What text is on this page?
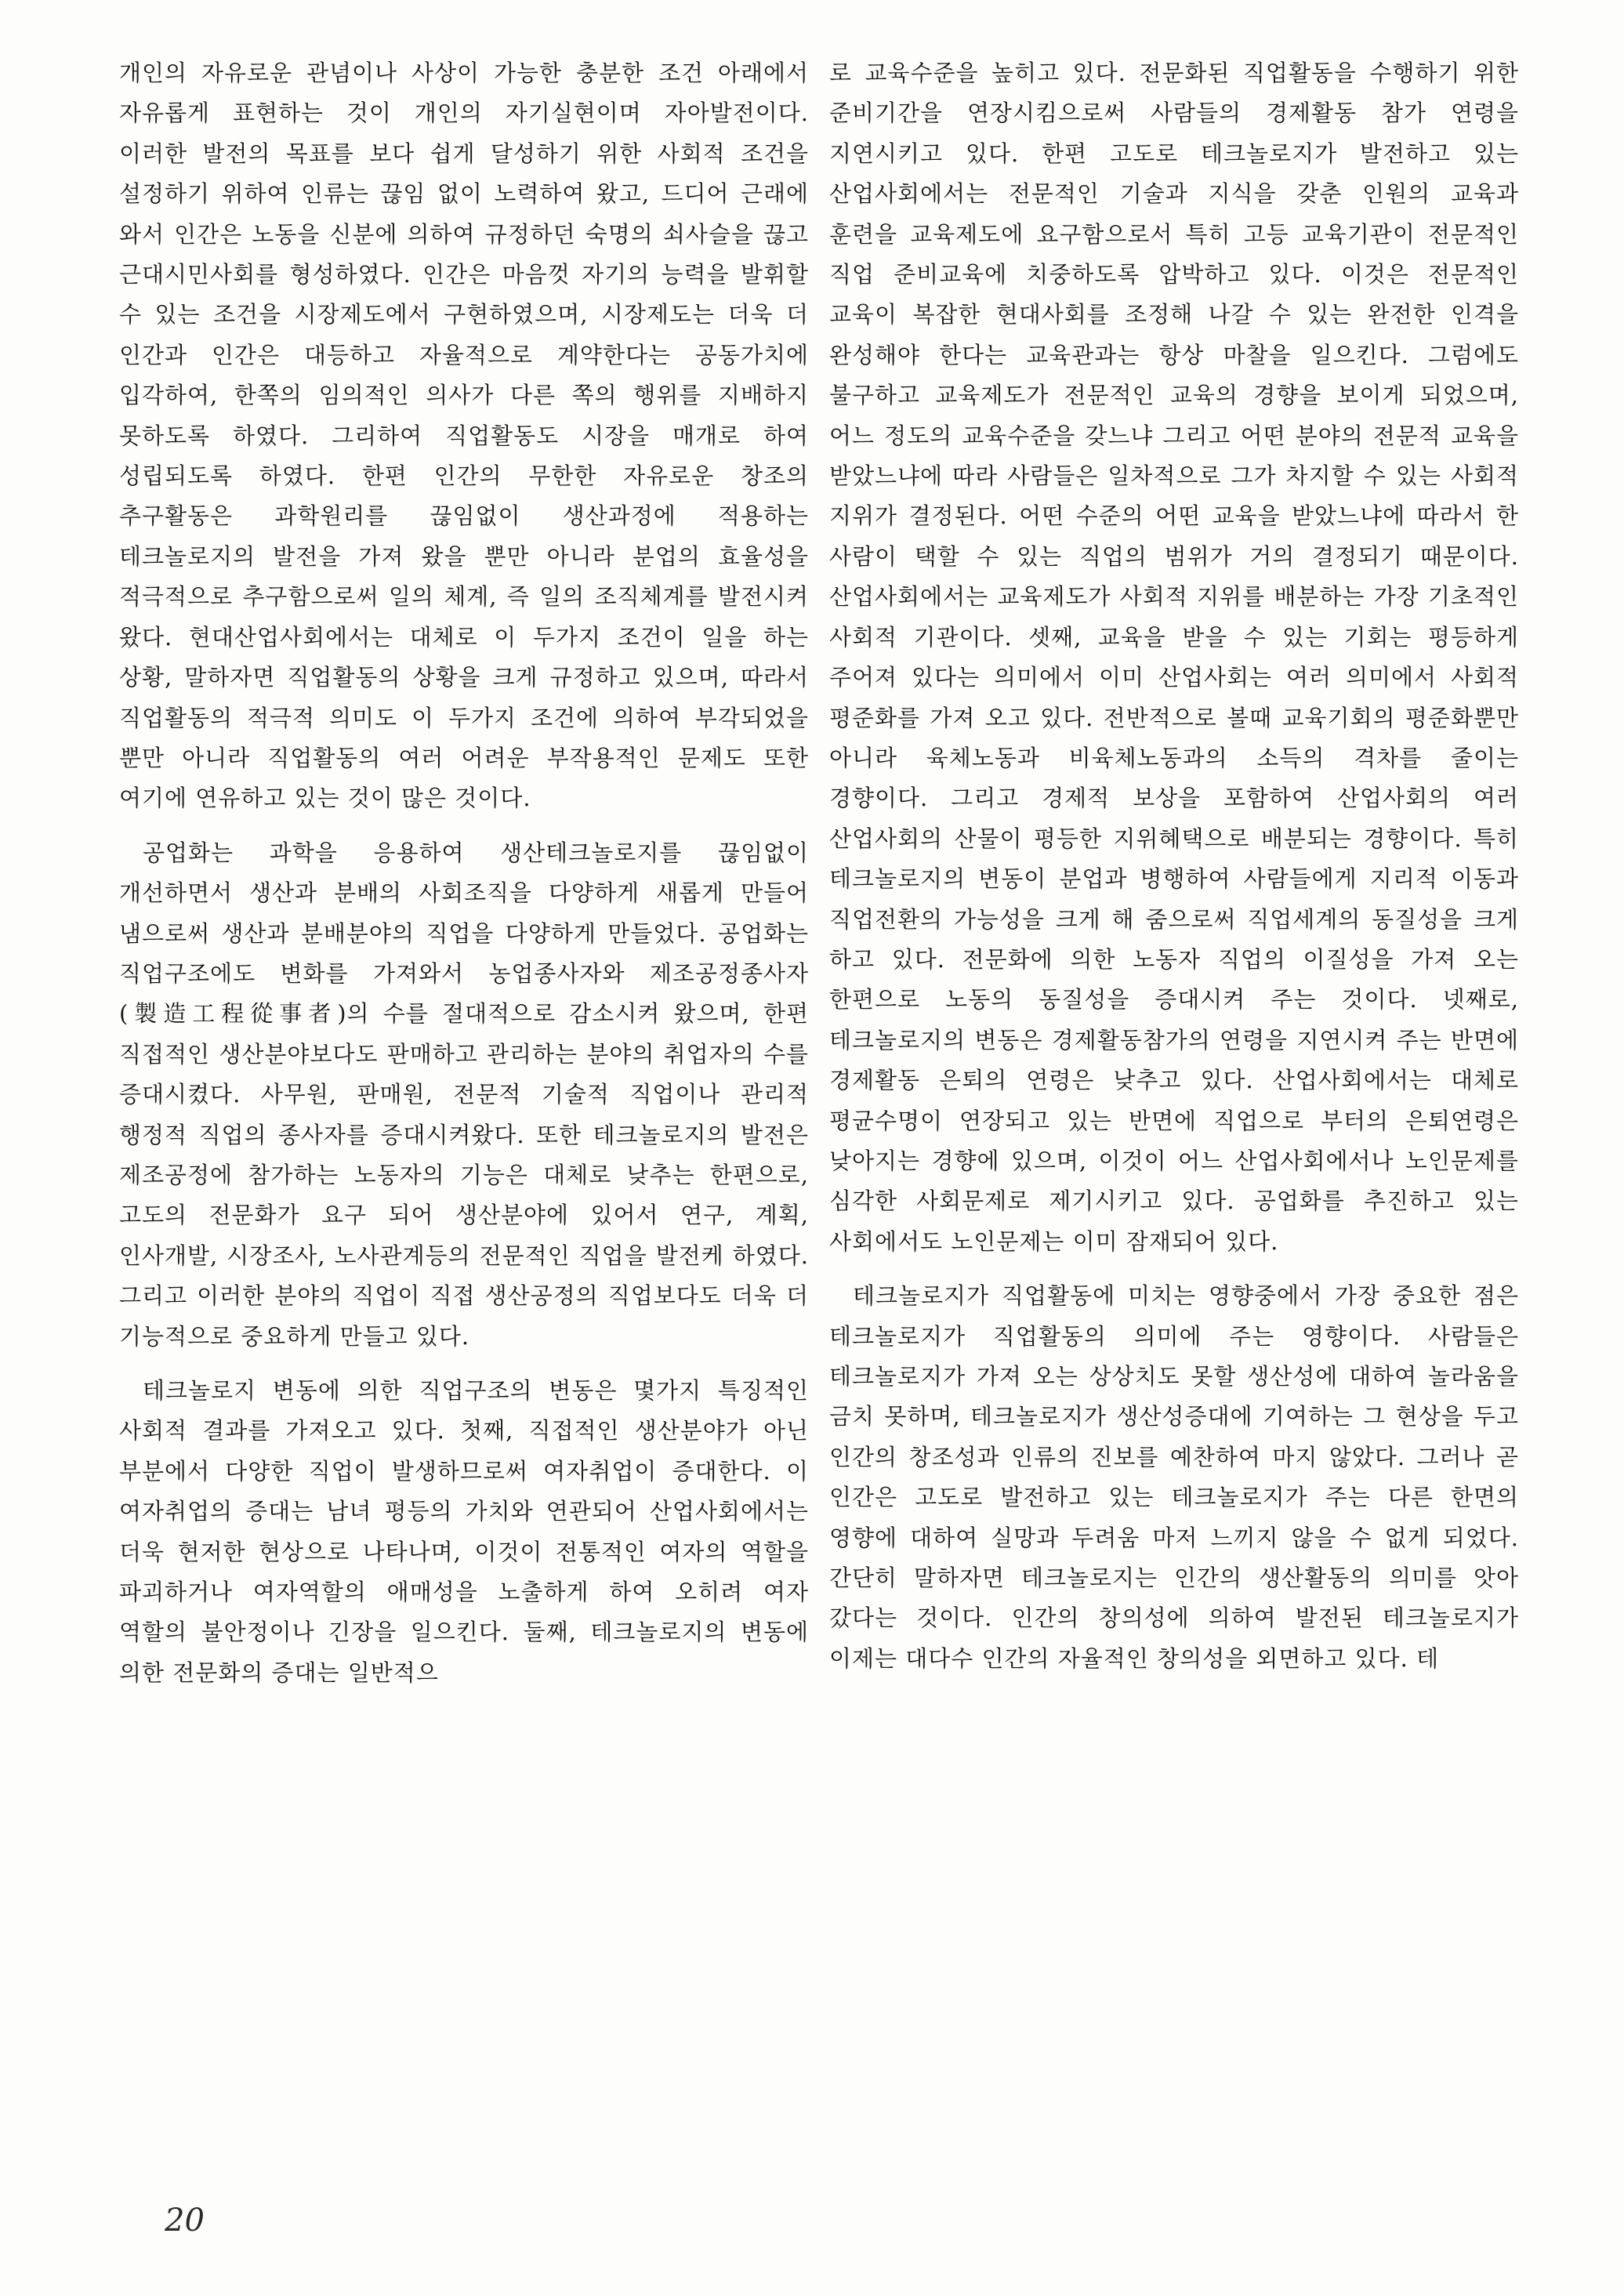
개인의 자유로운 관념이나 사상이 가능한 충분한 조건 아래에서 자유롭게 표현하는 것이 개인의 자기실현이며 자아발전이다. 이러한 발전의 목표를 보다 쉽게 달성하기 위한 사회적 조건을 설정하기 위하여 인류는 끊임 없이 노력하여 왔고, 드디어 근래에 와서 인간은 노동을 신분에 의하여 규정하던 숙명의 쇠사슬을 끊고 근대시민사회를 형성하였다. 인간은 마음껏 자기의 능력을 발휘할 수 있는 조건을 시장제도에서 구현하였으며, 시장제도는 더욱 더 인간과 인간은 대등하고 자율적으로 계약한다는 공동가치에 입각하여, 한쪽의 임의적인 의사가 다른 쪽의 행위를 지배하지 못하도록 하였다. 그리하여 직업활동도 시장을 매개로 하여 성립되도록 하였다. 한편 인간의 무한한 자유로운 창조의 추구활동은 과학원리를 끊임없이 생산과정에 적용하는 테크놀로지의 발전을 가져 왔을 뿐만 아니라 분업의 효율성을 적극적으로 추구함으로써 일의 체계, 즉 일의 조직체계를 발전시켜 왔다. 현대산업사회에서는 대체로 이 두가지 조건이 일을 하는 상황, 말하자면 직업활동의 상황을 크게 규정하고 있으며, 따라서 직업활동의 적극적 의미도 이 두가지 조건에 의하여 부각되었을 뿐만 아니라 직업활동의 여러 어려운 부작용적인 문제도 또한 여기에 연유하고 있는 것이 많은 것이다.

공업화는 과학을 응용하여 생산테크놀로지를 끊임없이 개선하면서 생산과 분배의 사회조직을 다양하게 새롭게 만들어 냄으로써 생산과 분배분야의 직업을 다양하게 만들었다. 공업화는 직업구조에도 변화를 가져와서 농업종사자와 제조공정종사자(製造工程從事者)의 수를 절대적으로 감소시켜 왔으며, 한편 직접적인 생산분야보다도 판매하고 관리하는 분야의 취업자의 수를 증대시켰다. 사무원, 판매원, 전문적 기술적 직업이나 관리적 행정적 직업의 종사자를 증대시켜왔다. 또한 테크놀로지의 발전은 제조공정에 참가하는 노동자의 기능은 대체로 낮추는 한편으로, 고도의 전문화가 요구 되어 생산분야에 있어서 연구, 계획, 인사개발, 시장조사, 노사관계등의 전문적인 직업을 발전케 하였다. 그리고 이러한 분야의 직업이 직접 생산공정의 직업보다도 더욱 더 기능적으로 중요하게 만들고 있다.

테크놀로지 변동에 의한 직업구조의 변동은 몇가지 특징적인 사회적 결과를 가져오고 있다. 첫째, 직접적인 생산분야가 아닌 부분에서 다양한 직업이 발생하므로써 여자취업이 증대한다. 이 여자취업의 증대는 남녀 평등의 가치와 연관되어 산업사회에서는 더욱 현저한 현상으로 나타나며, 이것이 전통적인 여자의 역할을 파괴하거나 여자역할의 애매성을 노출하게 하여 오히려 여자 역할의 불안정이나 긴장을 일으킨다. 둘째, 테크놀로지의 변동에 의한 전문화의 증대는 일반적으

로 교육수준을 높히고 있다. 전문화된 직업활동을 수행하기 위한 준비기간을 연장시킴으로써 사람들의 경제활동 참가 연령을 지연시키고 있다. 한편 고도로 테크놀로지가 발전하고 있는 산업사회에서는 전문적인 기술과 지식을 갖춘 인원의 교육과 훈련을 교육제도에 요구함으로서 특히 고등 교육기관이 전문적인 직업 준비교육에 치중하도록 압박하고 있다. 이것은 전문적인 교육이 복잡한 현대사회를 조정해 나갈 수 있는 완전한 인격을 완성해야 한다는 교육관과는 항상 마찰을 일으킨다. 그럼에도 불구하고 교육제도가 전문적인 교육의 경향을 보이게 되었으며, 어느 정도의 교육수준을 갖느냐 그리고 어떤 분야의 전문적 교육을 받았느냐에 따라 사람들은 일차적으로 그가 차지할 수 있는 사회적 지위가 결정된다. 어떤 수준의 어떤 교육을 받았느냐에 따라서 한 사람이 택할 수 있는 직업의 범위가 거의 결정되기 때문이다. 산업사회에서는 교육제도가 사회적 지위를 배분하는 가장 기초적인 사회적 기관이다. 셋째, 교육을 받을 수 있는 기회는 평등하게 주어져 있다는 의미에서 이미 산업사회는 여러 의미에서 사회적 평준화를 가져 오고 있다. 전반적으로 볼때 교육기회의 평준화뿐만 아니라 육체노동과 비육체노동과의 소득의 격차를 줄이는 경향이다. 그리고 경제적 보상을 포함하여 산업사회의 여러 산업사회의 산물이 평등한 지위혜택으로 배분되는 경향이다. 특히 테크놀로지의 변동이 분업과 병행하여 사람들에게 지리적 이동과 직업전환의 가능성을 크게 해 줌으로써 직업세계의 동질성을 크게 하고 있다. 전문화에 의한 노동자 직업의 이질성을 가져 오는 한편으로 노동의 동질성을 증대시켜 주는 것이다. 넷째로, 테크놀로지의 변동은 경제활동참가의 연령을 지연시켜 주는 반면에 경제활동 은퇴의 연령은 낮추고 있다. 산업사회에서는 대체로 평균수명이 연장되고 있는 반면에 직업으로 부터의 은퇴연령은 낮아지는 경향에 있으며, 이것이 어느 산업사회에서나 노인문제를 심각한 사회문제로 제기시키고 있다. 공업화를 추진하고 있는 사회에서도 노인문제는 이미 잠재되어 있다.

테크놀로지가 직업활동에 미치는 영향중에서 가장 중요한 점은 테크놀로지가 직업활동의 의미에 주는 영향이다. 사람들은 테크놀로지가 가져 오는 상상치도 못할 생산성에 대하여 놀라움을 금치 못하며, 테크놀로지가 생산성증대에 기여하는 그 현상을 두고 인간의 창조성과 인류의 진보를 예찬하여 마지 않았다. 그러나 곧 인간은 고도로 발전하고 있는 테크놀로지가 주는 다른 한면의 영향에 대하여 실망과 두려움 마저 느끼지 않을 수 없게 되었다. 간단히 말하자면 테크놀로지는 인간의 생산활동의 의미를 앗아 갔다는 것이다. 인간의 창의성에 의하여 발전된 테크놀로지가 이제는 대다수 인간의 자율적인 창의성을 외면하고 있다. 테

20
